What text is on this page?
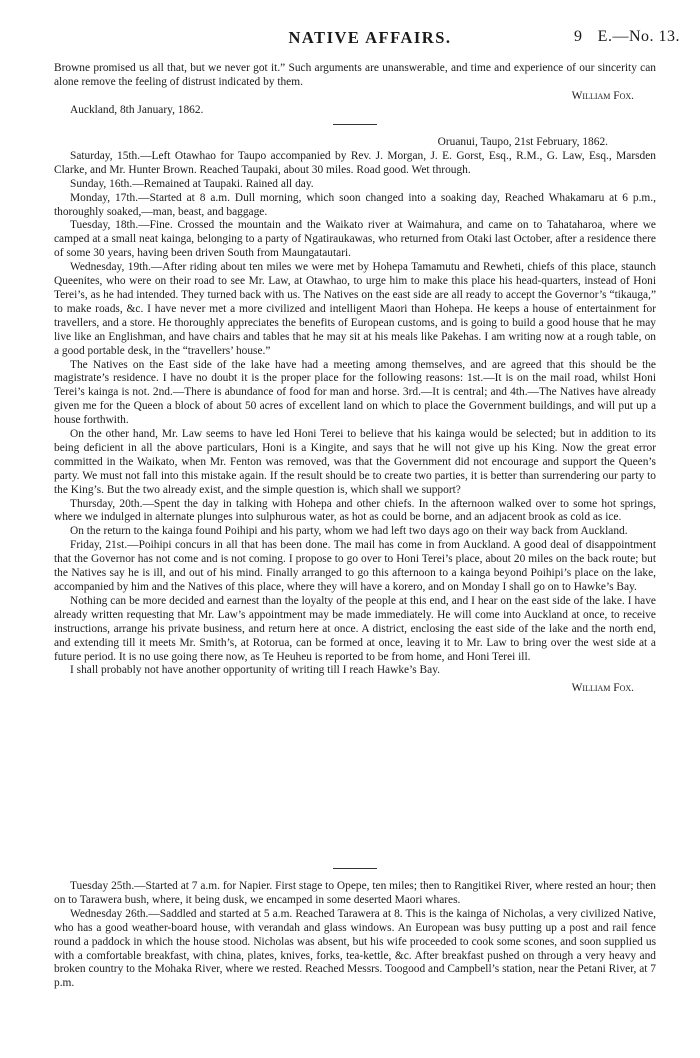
NATIVE AFFAIRS.	9 E.—No. 13.

Browne promised us all that, but we never got it.” Such arguments are unanswerable, and time and experience of our sincerity can alone remove the feeling of distrust indicated by them.

William Fox.

Auckland, 8th January, 1862.

Oruanui, Taupo, 21st February, 1862.

Saturday, 15th.—Left Otawhao for Taupo accompanied by Rev. J. Morgan, J. E. Gorst, Esq., R.M., G. Law, Esq., Marsden Clarke, and Mr. Hunter Brown. Reached Taupaki, about 30 miles. Road good. Wet through.

Sunday, 16th.—Remained at Taupaki. Rained all day.

Monday, 17th.—Started at 8 a.m. Dull morning, which soon changed into a soaking day, Reached Whakamaru at 6 p.m., thoroughly soaked,—man, beast, and baggage.

Tuesday, 18th.—Fine. Crossed the mountain and the Waikato river at Waimahura, and came on to Tahataharoa, where we camped at a small neat kainga, belonging to a party of Ngatiraukawas, who returned from Otaki last October, after a residence there of some 30 years, having been driven South from Maungatautari.

Wednesday, 19th.—After riding about ten miles we were met by Hohepa Tamamutu and Rewheti, chiefs of this place, staunch Queenites, who were on their road to see Mr. Law, at Otawhao, to urge him to make this place his head-quarters, instead of Honi Terei’s, as he had intended. They turned back with us. The Natives on the east side are all ready to accept the Governor’s “tikauga,” to make roads, &c. I have never met a more civilized and intelligent Maori than Hohepa. He keeps a house of entertainment for travellers, and a store. He thoroughly appreciates the benefits of European customs, and is going to build a good house that he may live like an Englishman, and have chairs and tables that he may sit at his meals like Pakehas. I am writing now at a rough table, on a good portable desk, in the “travellers’ house.”

The Natives on the East side of the lake have had a meeting among themselves, and are agreed that this should be the magistrate’s residence. I have no doubt it is the proper place for the following reasons: 1st.—It is on the mail road, whilst Honi Terei’s kainga is not. 2nd.—There is abundance of food for man and horse. 3rd.—It is central; and 4th.—The Natives have already given me for the Queen a block of about 50 acres of excellent land on which to place the Government buildings, and will put up a house forthwith.

On the other hand, Mr. Law seems to have led Honi Terei to believe that his kainga would be selected; but in addition to its being deficient in all the above particulars, Honi is a Kingite, and says that he will not give up his King. Now the great error committed in the Waikato, when Mr. Fenton was removed, was that the Government did not encourage and support the Queen’s party. We must not fall into this mistake again. If the result should be to create two parties, it is better than surrendering our party to the King’s. But the two already exist, and the simple question is, which shall we support?

Thursday, 20th.—Spent the day in talking with Hohepa and other chiefs. In the afternoon walked over to some hot springs, where we indulged in alternate plunges into sulphurous water, as hot as could be borne, and an adjacent brook as cold as ice.

On the return to the kainga found Poihipi and his party, whom we had left two days ago on their way back from Auckland.

Friday, 21st.—Poihipi concurs in all that has been done. The mail has come in from Auckland. A good deal of disappointment that the Governor has not come and is not coming. I propose to go over to Honi Terei’s place, about 20 miles on the back route; but the Natives say he is ill, and out of his mind. Finally arranged to go this afternoon to a kainga beyond Poihipi’s place on the lake, accompanied by him and the Natives of this place, where they will have a korero, and on Monday I shall go on to Hawke’s Bay.

Nothing can be more decided and earnest than the loyalty of the people at this end, and I hear on the east side of the lake. I have already written requesting that Mr. Law’s appointment may be made immediately. He will come into Auckland at once, to receive instructions, arrange his private business, and return here at once. A district, enclosing the east side of the lake and the north end, and extending till it meets Mr. Smith’s, at Rotorua, can be formed at once, leaving it to Mr. Law to bring over the west side at a future period. It is no use going there now, as Te Heuheu is reported to be from home, and Honi Terei ill.

I shall probably not have another opportunity of writing till I reach Hawke’s Bay.

William Fox.

Tuesday 25th.—Started at 7 a.m. for Napier. First stage to Opepe, ten miles; then to Rangitikei River, where rested an hour; then on to Tarawera bush, where, it being dusk, we encamped in some deserted Maori whares.

Wednesday 26th.—Saddled and started at 5 a.m. Reached Tarawera at 8. This is the kainga of Nicholas, a very civilized Native, who has a good weather-board house, with verandah and glass windows. An European was busy putting up a post and rail fence round a paddock in which the house stood. Nicholas was absent, but his wife proceeded to cook some scones, and soon supplied us with a comfortable breakfast, with china, plates, knives, forks, tea-kettle, &c. After breakfast pushed on through a very heavy and broken country to the Mohaka River, where we rested. Reached Messrs. Toogood and Campbell’s station, near the Petani River, at 7 p.m.
